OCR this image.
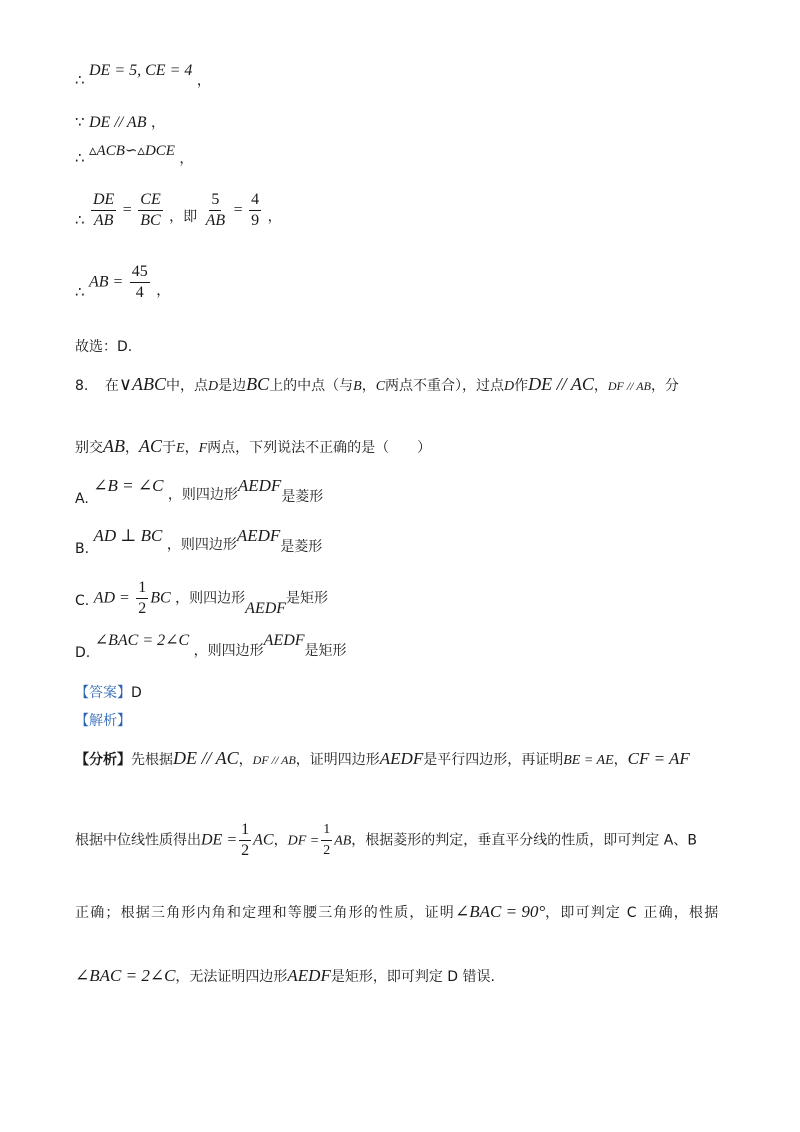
∴ DE = 5, CE = 4 ，
∵ DE // AB ，
∴ ▵ACB∽▵DCE ，
∴ $\frac{DE}{AB} = \frac{CE}{BC}$ ，即 $\frac{5}{AB} = \frac{4}{9}$ ，
∴ AB = $\frac{45}{4}$ ，
故选：D.
8. 在∨ABC中，点D是边BC上的中点（与B，C两点不重合），过点D作DE // AC，DF // AB，分
别交AB，AC于E，F两点，下列说法不正确的是（　　）
A. ∠B = ∠C ，则四边形AEDF是菱形
B. AD ⊥ BC ，则四边形AEDF是菱形
C. AD = $\frac{1}{2}$ BC ，则四边形AEDF是矩形
D. ∠BAC = 2∠C ，则四边形AEDF是矩形
【答案】D
【解析】
【分析】先根据DE // AC，DF // AB，证明四边形AEDF是平行四边形，再证明BE = AE，CF = AF
根据中位线性质得出DE = $\frac{1}{2}$ AC，DF = $\frac{1}{2}$ AB，根据菱形的判定，垂直平分线的性质，即可判定 A、B
正确；根据三角形内角和定理和等腰三角形的性质，证明∠BAC = 90°，即可判定 C 正确，根据
∠BAC = 2∠C，无法证明四边形AEDF是矩形，即可判定 D 错误.
